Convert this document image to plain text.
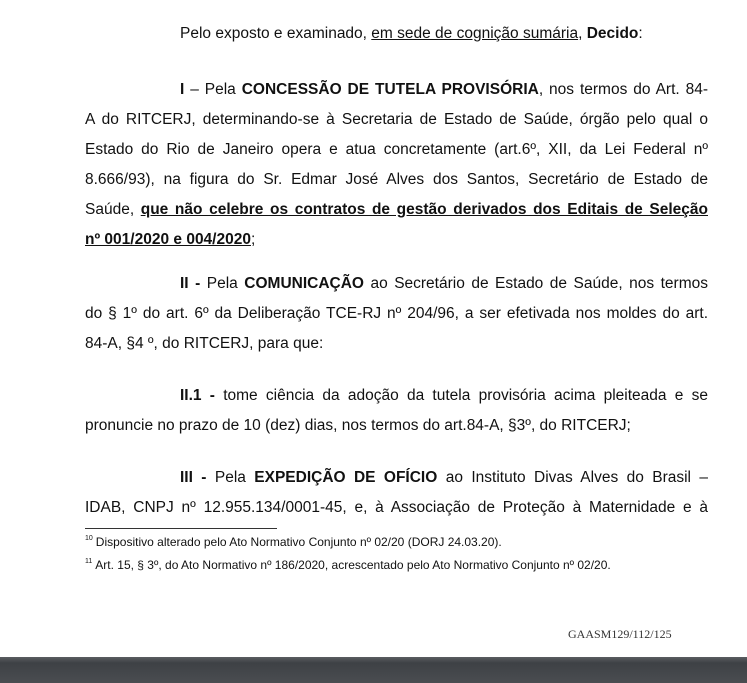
Pelo exposto e examinado, em sede de cognição sumária, Decido:
I – Pela CONCESSÃO DE TUTELA PROVISÓRIA, nos termos do Art. 84-
A do RITCERJ, determinando-se à Secretaria de Estado de Saúde, órgão pelo qual o
Estado do Rio de Janeiro opera e atua concretamente (art.6º, XII, da Lei Federal nº
8.666/93), na figura do Sr. Edmar José Alves dos Santos, Secretário de Estado de
Saúde, que não celebre os contratos de gestão derivados dos Editais de Seleção
nº 001/2020 e 004/2020;
II - Pela COMUNICAÇÃO ao Secretário de Estado de Saúde, nos termos
do § 1º do art. 6º da Deliberação TCE-RJ nº 204/96, a ser efetivada nos moldes do art.
84-A, §4 º, do RITCERJ, para que:
II.1 - tome ciência da adoção da tutela provisória acima pleiteada e se
pronuncie no prazo de 10 (dez) dias, nos termos do art.84-A, §3º, do RITCERJ;
III - Pela EXPEDIÇÃO DE OFÍCIO ao Instituto Divas Alves do Brasil –
IDAB, CNPJ nº 12.955.134/0001-45, e, à Associação de Proteção à Maternidade e à
$^{10}$ Dispositivo alterado pelo Ato Normativo Conjunto nº 02/20 (DORJ 24.03.20).
$^{11}$ Art. 15, § 3º, do Ato Normativo nº 186/2020, acrescentado pelo Ato Normativo Conjunto nº 02/20.
GAASM129/112/125
